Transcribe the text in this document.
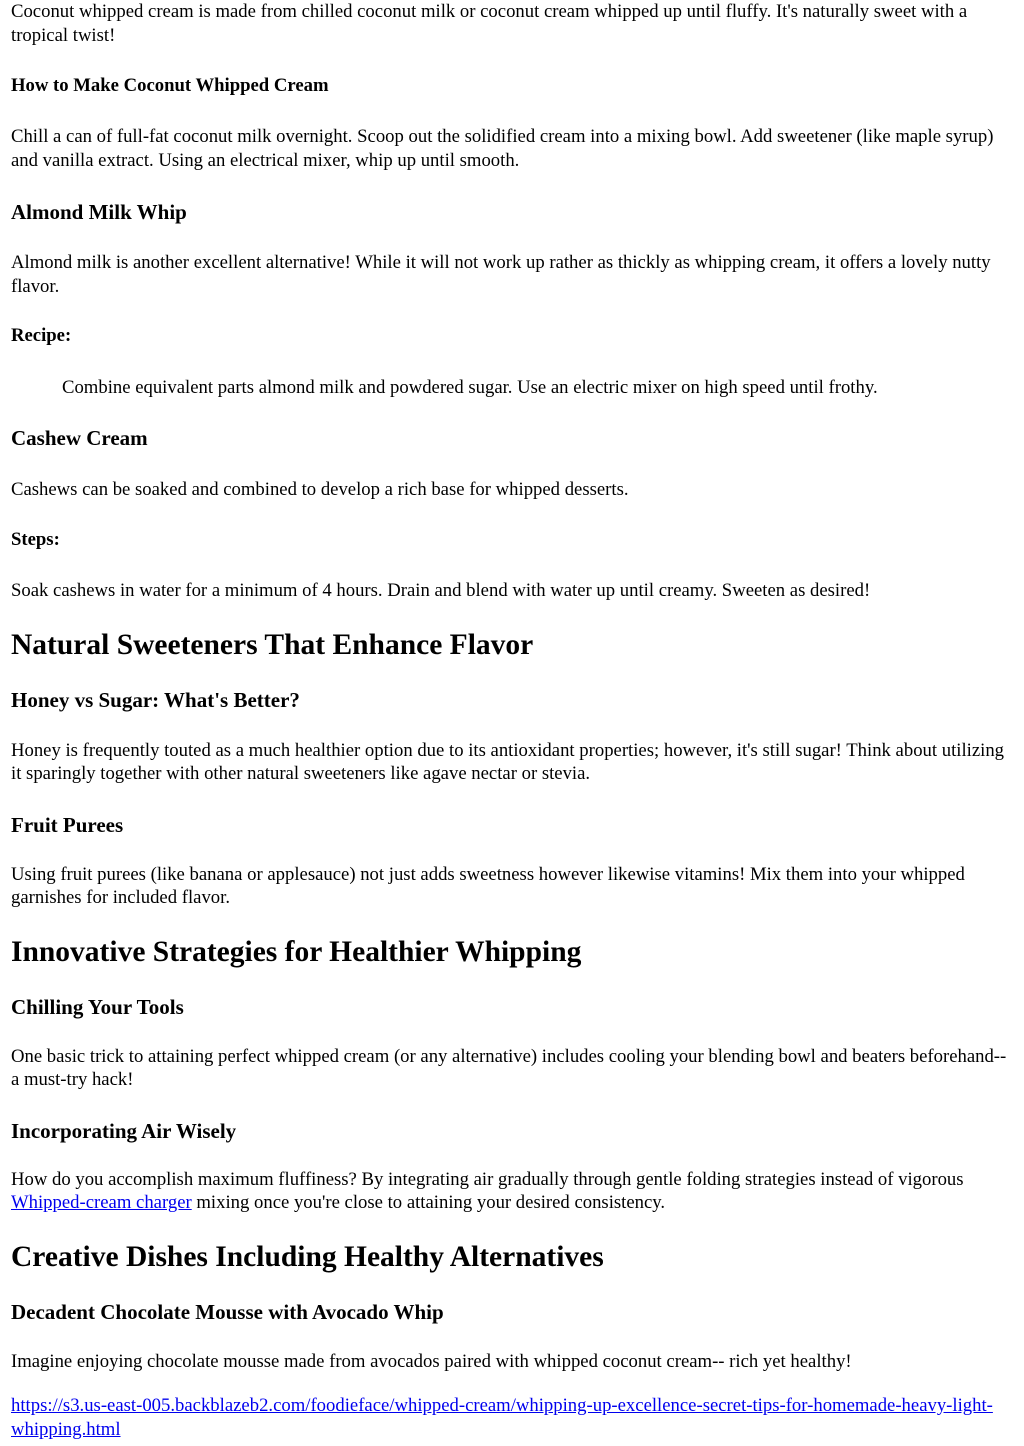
Coconut whipped cream is made from chilled coconut milk or coconut cream whipped up until fluffy. It's naturally sweet with a tropical twist!

How to Make Coconut Whipped Cream

Chill a can of full-fat coconut milk overnight. Scoop out the solidified cream into a mixing bowl. Add sweetener (like maple syrup) and vanilla extract. Using an electrical mixer, whip up until smooth.

Almond Milk Whip

Almond milk is another excellent alternative! While it will not work up rather as thickly as whipping cream, it offers a lovely nutty flavor.

Recipe:
Combine equivalent parts almond milk and powdered sugar. Use an electric mixer on high speed until frothy.
Cashew Cream

Cashews can be soaked and combined to develop a rich base for whipped desserts.

Steps:

Soak cashews in water for a minimum of 4 hours. Drain and blend with water up until creamy. Sweeten as desired!

Natural Sweeteners That Enhance Flavor
Honey vs Sugar: What's Better?

Honey is frequently touted as a much healthier option due to its antioxidant properties; however, it's still sugar! Think about utilizing it sparingly together with other natural sweeteners like agave nectar or stevia.

Fruit Purees

Using fruit purees (like banana or applesauce) not just adds sweetness however likewise vitamins! Mix them into your whipped garnishes for included flavor.

Innovative Strategies for Healthier Whipping
Chilling Your Tools

One basic trick to attaining perfect whipped cream (or any alternative) includes cooling your blending bowl and beaters beforehand-- a must-try hack!

Incorporating Air Wisely

How do you accomplish maximum fluffiness? By integrating air gradually through gentle folding strategies instead of vigorous Whipped-cream charger mixing once you're close to attaining your desired consistency.

Creative Dishes Including Healthy Alternatives
Decadent Chocolate Mousse with Avocado Whip

Imagine enjoying chocolate mousse made from avocados paired with whipped coconut cream-- rich yet healthy!

https://s3.us-east-005.backblazeb2.com/foodieface/whipped-cream/whipping-up-excellence-secret-tips-for-homemade-heavy-light-whipping.html
